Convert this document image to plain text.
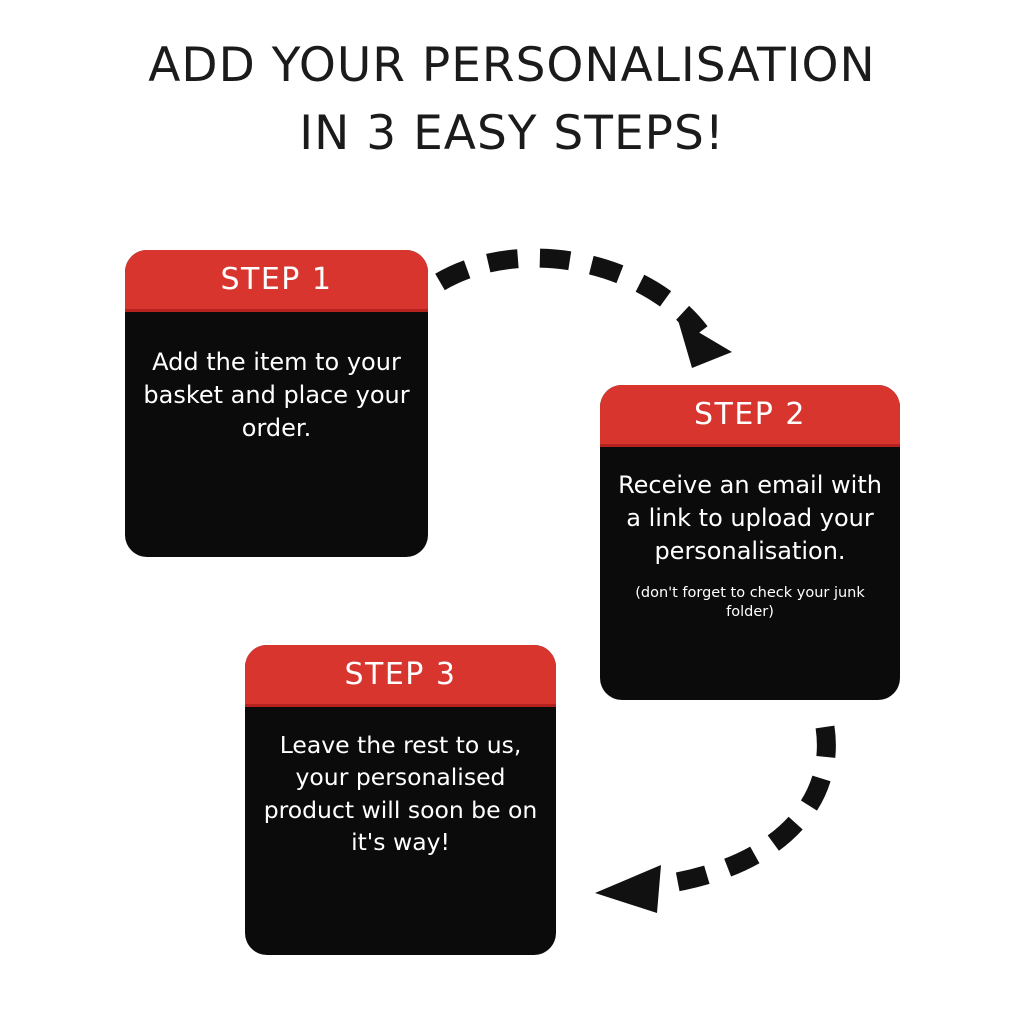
ADD YOUR PERSONALISATION
IN 3 EASY STEPS!
STEP 1
Add the item to your basket and place your order.	STEP 2
Receive an email with a link to upload your personalisation.
(don't forget to check your junk folder)
STEP 3
Leave the rest to us, your personalised product will soon be on it's way!
